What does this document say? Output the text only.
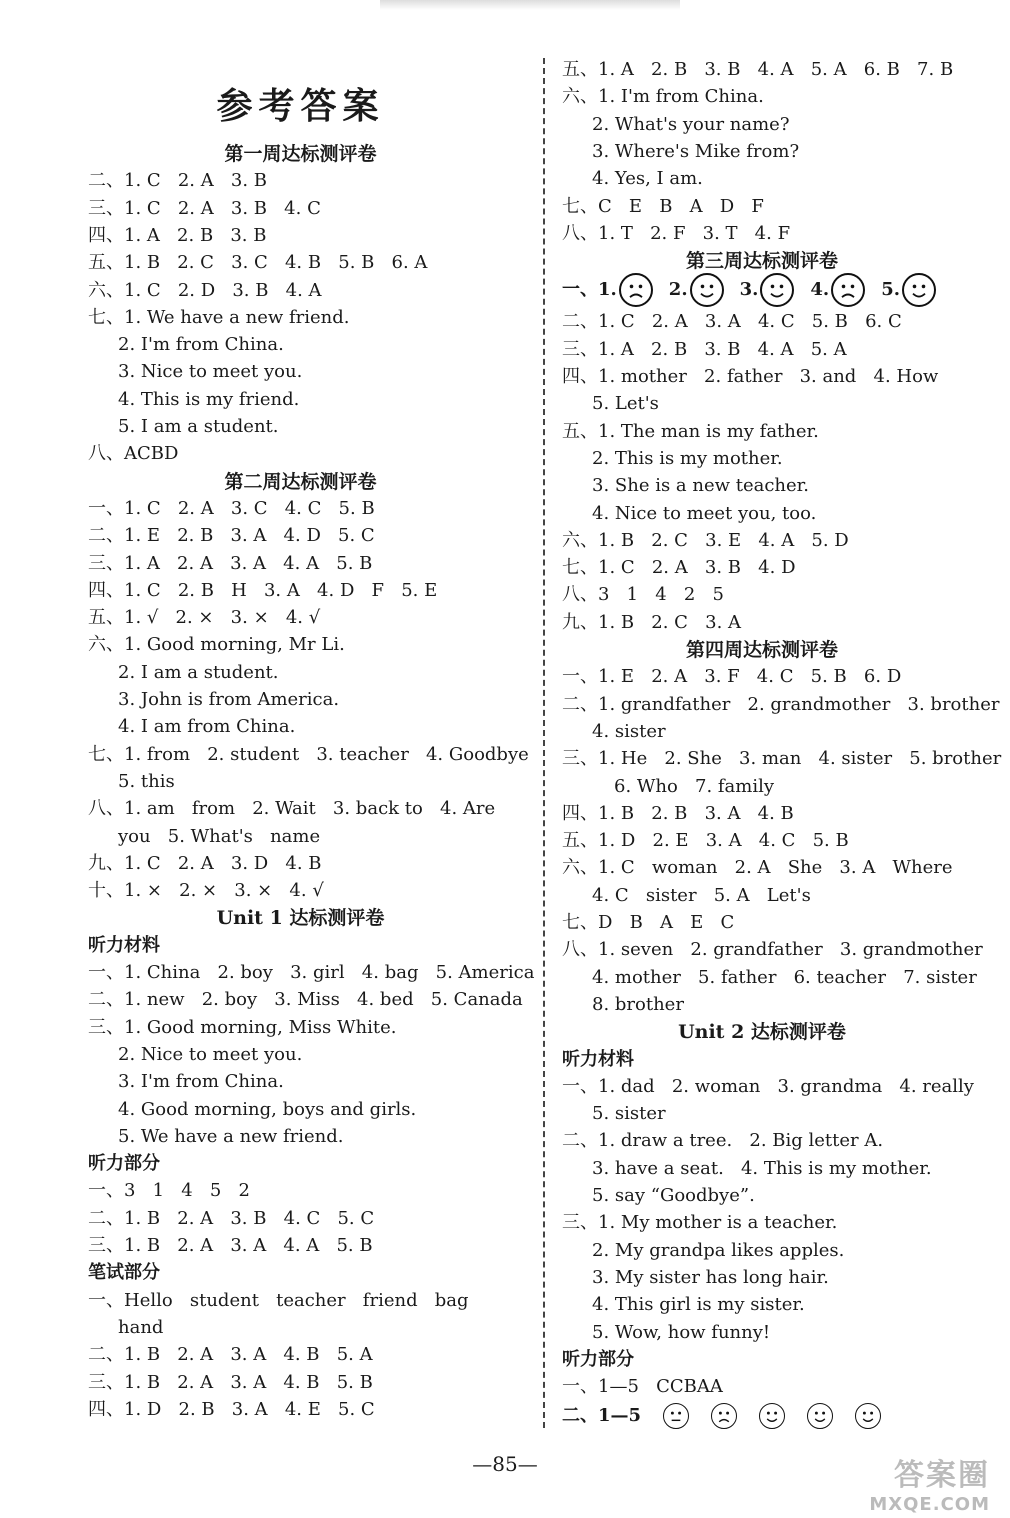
参考答案
第一周达标测评卷
二、1. C   2. A   3. B
三、1. C   2. A   3. B   4. C
四、1. A   2. B   3. B
五、1. B   2. C   3. C   4. B   5. B   6. A
六、1. C   2. D   3. B   4. A
七、1. We have a new friend.
2. I'm from China.
3. Nice to meet you.
4. This is my friend.
5. I am a student.
八、ACBD
第二周达标测评卷
一、1. C   2. A   3. C   4. C   5. B
二、1. E   2. B   3. A   4. D   5. C
三、1. A   2. A   3. A   4. A   5. B
四、1. C   2. B   H   3. A   4. D   F   5. E
五、1. √   2. ×   3. ×   4. √
六、1. Good morning, Mr Li.
2. I am a student.
3. John is from America.
4. I am from China.
七、1. from   2. student   3. teacher   4. Goodbye
5. this
八、1. am   from   2. Wait   3. back to   4. Are
you   5. What's   name
九、1. C   2. A   3. D   4. B
十、1. ×   2. ×   3. ×   4. √
Unit 1 达标测评卷
听力材料
一、1. China   2. boy   3. girl   4. bag   5. America
二、1. new   2. boy   3. Miss   4. bed   5. Canada
三、1. Good morning, Miss White.
2. Nice to meet you.
3. I'm from China.
4. Good morning, boys and girls.
5. We have a new friend.
听力部分
一、3   1   4   5   2
二、1. B   2. A   3. B   4. C   5. C
三、1. B   2. A   3. A   4. A   5. B
笔试部分
一、Hello   student   teacher   friend   bag
hand
二、1. B   2. A   3. A   4. B   5. A
三、1. B   2. A   3. A   4. B   5. B
四、1. D   2. B   3. A   4. E   5. C
五、1. A   2. B   3. B   4. A   5. A   6. B   7. B
六、1. I'm from China.
2. What's your name?
3. Where's Mike from?
4. Yes, I am.
七、C   E   B   A   D   F
八、1. T   2. F   3. T   4. F
第三周达标测评卷
一、1.	2.	3.	4.	5.
二、1. C   2. A   3. A   4. C   5. B   6. C
三、1. A   2. B   3. B   4. A   5. A
四、1. mother   2. father   3. and   4. How
5. Let's
五、1. The man is my father.
2. This is my mother.
3. She is a new teacher.
4. Nice to meet you, too.
六、1. B   2. C   3. E   4. A   5. D
七、1. C   2. A   3. B   4. D
八、3   1   4   2   5
九、1. B   2. C   3. A
第四周达标测评卷
一、1. E   2. A   3. F   4. C   5. B   6. D
二、1. grandfather   2. grandmother   3. brother
4. sister
三、1. He   2. She   3. man   4. sister   5. brother
6. Who   7. family
四、1. B   2. B   3. A   4. B
五、1. D   2. E   3. A   4. C   5. B
六、1. C   woman   2. A   She   3. A   Where
4. C   sister   5. A   Let's
七、D   B   A   E   C
八、1. seven   2. grandfather   3. grandmother
4. mother   5. father   6. teacher   7. sister
8. brother
Unit 2 达标测评卷
听力材料
一、1. dad   2. woman   3. grandma   4. really
5. sister
二、1. draw a tree.   2. Big letter A.
3. have a seat.   4. This is my mother.
5. say “Goodbye”.
三、1. My mother is a teacher.
2. My grandpa likes apples.
3. My sister has long hair.
4. This girl is my sister.
5. Wow, how funny!
听力部分
一、1—5   CCBAA
二、1—5
—85—	答案圈
MXQE.COM
